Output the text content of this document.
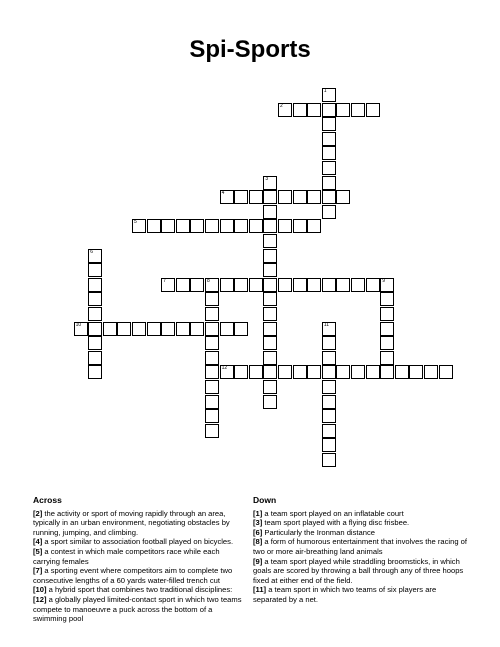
Spi-Sports
1
2
3
4
5
6
7	8	9
10	11
12
Across

[2] the activity or sport of moving rapidly through an area, typically in an urban environment, negotiating obstacles by running, jumping, and climbing.

[4] a sport similar to association football played on bicycles.

[5] a contest in which male competitors race while each carrying females

[7] a sporting event where competitors aim to complete two consecutive lengths of a 60 yards water-filled trench cut

[10] a hybrid sport that combines two traditional disciplines:

[12] a globally played limited-contact sport in which two teams compete to manoeuvre a puck across the bottom of a swimming pool

Down

[1] a team sport played on an inflatable court

[3] team sport played with a flying disc frisbee.

[6] Particularly the Ironman distance

[8] a form of humorous entertainment that involves the racing of two or more air-breathing land animals

[9] a team sport played while straddling broomsticks, in which goals are scored by throwing a ball through any of three hoops fixed at either end of the field.

[11] a team sport in which two teams of six players are separated by a net.
